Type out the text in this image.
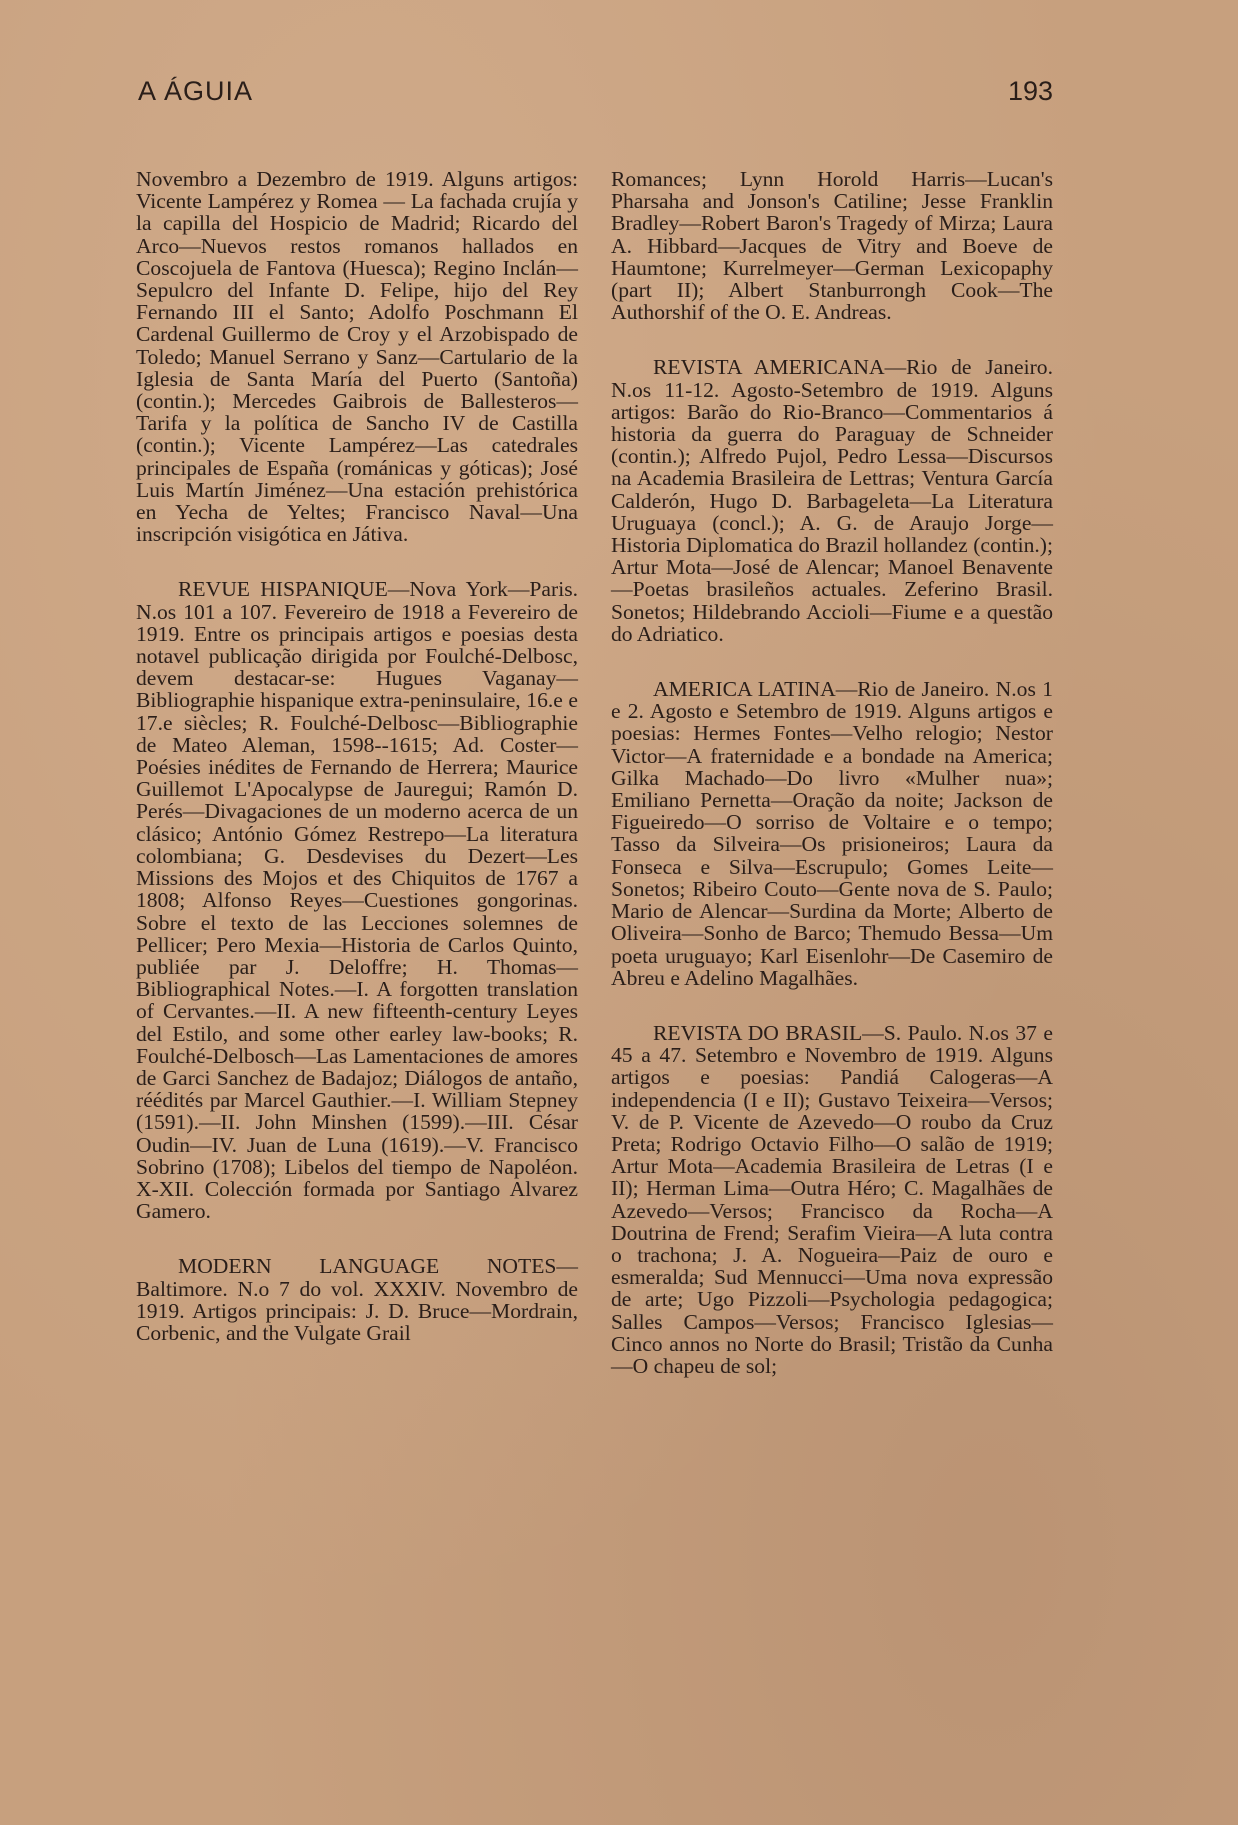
A ÁGUIA	193

Novembro a Dezembro de 1919. Alguns artigos: Vicente Lampérez y Romea — La fachada crujía y la capilla del Hospicio de Madrid; Ricardo del Arco—Nuevos restos romanos hallados en Coscojuela de Fantova (Huesca); Regino Inclán—Sepulcro del Infante D. Felipe, hijo del Rey Fernando III el Santo; Adolfo Poschmann El Cardenal Guillermo de Croy y el Arzobispado de Toledo; Manuel Serrano y Sanz—Cartulario de la Iglesia de Santa María del Puerto (Santoña) (contin.); Mercedes Gaibrois de Ballesteros—Tarifa y la política de Sancho IV de Castilla (contin.); Vicente Lampérez—Las catedrales principales de España (románicas y góticas); José Luis Martín Jiménez—Una estación prehistórica en Yecha de Yeltes; Francisco Naval—Una inscripción visigótica en Játiva.

REVUE HISPANIQUE—Nova York—Paris. N.os 101 a 107. Fevereiro de 1918 a Fevereiro de 1919. Entre os principais artigos e poesias desta notavel publicação dirigida por Foulché-Delbosc, devem destacar-se: Hugues Vaganay—Bibliographie hispanique extra-peninsulaire, 16.e e 17.e siècles; R. Foulché-Delbosc—Bibliographie de Mateo Aleman, 1598--1615; Ad. Coster—Poésies inédites de Fernando de Herrera; Maurice Guillemot L'Apocalypse de Jauregui; Ramón D. Perés—Divagaciones de un moderno acerca de un clásico; António Gómez Restrepo—La literatura colombiana; G. Desdevises du Dezert—Les Missions des Mojos et des Chiquitos de 1767 a 1808; Alfonso Reyes—Cuestiones gongorinas. Sobre el texto de las Lecciones solemnes de Pellicer; Pero Mexia—Historia de Carlos Quinto, publiée par J. Deloffre; H. Thomas—Bibliographical Notes.—I. A forgotten translation of Cervantes.—II. A new fifteenth-century Leyes del Estilo, and some other earley law-books; R. Foulché-Delbosch—Las Lamentaciones de amores de Garci Sanchez de Badajoz; Diálogos de antaño, réédités par Marcel Gauthier.—I. William Stepney (1591).—II. John Minshen (1599).—III. César Oudin—IV. Juan de Luna (1619).—V. Francisco Sobrino (1708); Libelos del tiempo de Napoléon. X-XII. Colección formada por Santiago Alvarez Gamero.

MODERN LANGUAGE NOTES—Baltimore. N.o 7 do vol. XXXIV. Novembro de 1919. Artigos principais: J. D. Bruce—Mordrain, Corbenic, and the Vulgate Grail

Romances; Lynn Horold Harris—Lucan's Pharsaha and Jonson's Catiline; Jesse Franklin Bradley—Robert Baron's Tragedy of Mirza; Laura A. Hibbard—Jacques de Vitry and Boeve de Haumtone; Kurrelmeyer—German Lexicopaphy (part II); Albert Stanburrongh Cook—The Authorshif of the O. E. Andreas.

REVISTA AMERICANA—Rio de Janeiro. N.os 11-12. Agosto-Setembro de 1919. Alguns artigos: Barão do Rio-Branco—Commentarios á historia da guerra do Paraguay de Schneider (contin.); Alfredo Pujol, Pedro Lessa—Discursos na Academia Brasileira de Lettras; Ventura García Calderón, Hugo D. Barbageleta—La Literatura Uruguaya (concl.); A. G. de Araujo Jorge—Historia Diplomatica do Brazil hollandez (contin.); Artur Mota—José de Alencar; Manoel Benavente—Poetas brasileños actuales. Zeferino Brasil. Sonetos; Hildebrando Accioli—Fiume e a questão do Adriatico.

AMERICA LATINA—Rio de Janeiro. N.os 1 e 2. Agosto e Setembro de 1919. Alguns artigos e poesias: Hermes Fontes—Velho relogio; Nestor Victor—A fraternidade e a bondade na America; Gilka Machado—Do livro «Mulher nua»; Emiliano Pernetta—Oração da noite; Jackson de Figueiredo—O sorriso de Voltaire e o tempo; Tasso da Silveira—Os prisioneiros; Laura da Fonseca e Silva—Escrupulo; Gomes Leite—Sonetos; Ribeiro Couto—Gente nova de S. Paulo; Mario de Alencar—Surdina da Morte; Alberto de Oliveira—Sonho de Barco; Themudo Bessa—Um poeta uruguayo; Karl Eisenlohr—De Casemiro de Abreu e Adelino Magalhães.

REVISTA DO BRASIL—S. Paulo. N.os 37 e 45 a 47. Setembro e Novembro de 1919. Alguns artigos e poesias: Pandiá Calogeras—A independencia (I e II); Gustavo Teixeira—Versos; V. de P. Vicente de Azevedo—O roubo da Cruz Preta; Rodrigo Octavio Filho—O salão de 1919; Artur Mota—Academia Brasileira de Letras (I e II); Herman Lima—Outra Héro; C. Magalhães de Azevedo—Versos; Francisco da Rocha—A Doutrina de Frend; Serafim Vieira—A luta contra o trachona; J. A. Nogueira—Paiz de ouro e esmeralda; Sud Mennucci—Uma nova expressão de arte; Ugo Pizzoli—Psychologia pedagogica; Salles Campos—Versos; Francisco Iglesias—Cinco annos no Norte do Brasil; Tristão da Cunha—O chapeu de sol;
